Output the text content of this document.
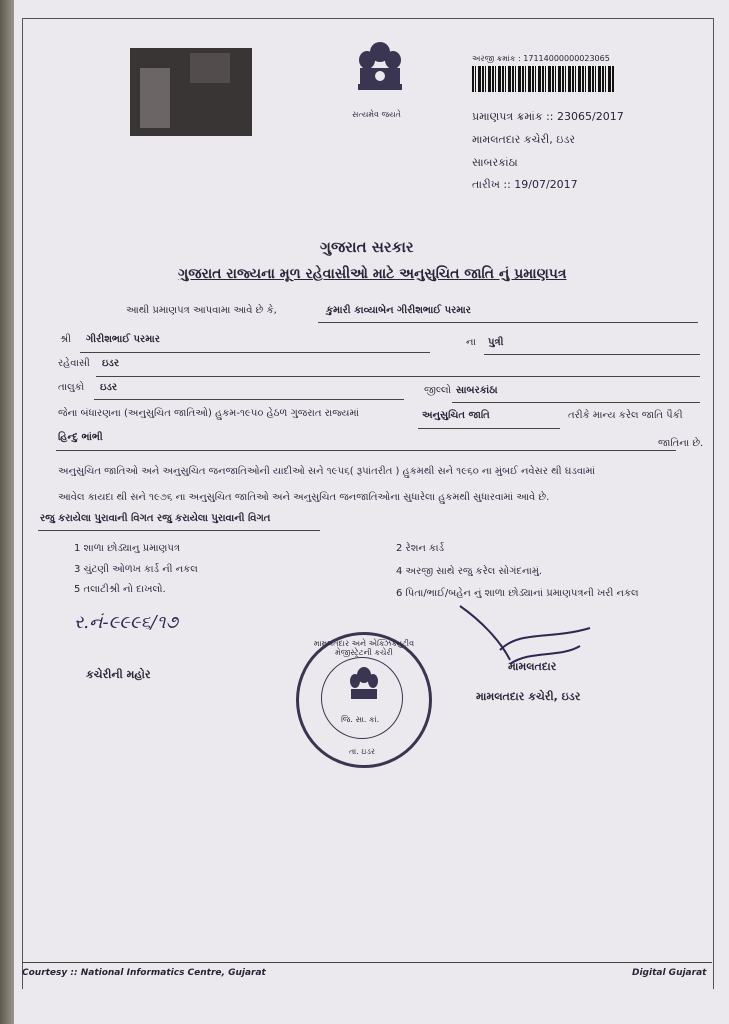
સત્યમેવ જયતે
અરજી ક્રમાંક : 17114000000023065
પ્રમાણપત્ર ક્રમાંક :: 23065/2017
મામલતદાર કચેરી, ઇડર
સાબરકાંઠા
તારીખ :: 19/07/2017
ગુજરાત સરકાર
ગુજરાત રાજ્યના મૂળ રહેવાસીઓ માટે અનુસુચિત જાતિ નું પ્રમાણપત્ર
આથી પ્રમાણપત્ર આપવામા આવે છે કે,	કુમારી કાવ્યાબેન ગીરીશભાઈ પરમાર
શ્રી ગીરીશભાઈ પરમાર	ના પુત્રી
રહેવાસી ઇડર
તાલુકો ઇડર	જીલ્લો સાબરકાંઠા
જેના બંધારણના (અનુસુચિત જાતિઓ) હુકમ-૧૯૫૦ હેઠળ ગુજરાત રાજ્યમાં	અનુસુચિત જાતિ	તરીકે માન્ય કરેલ જાતિ પૈકી
હિન્દુ ભાંભી
જાતિના છે.
અનુસુચિત જાતિઓ અને અનુસુચિત જનજાતિઓની યાદીઓ સને ૧૯૫૬( રૂપાંતરીત ) હુકમથી સને ૧૯૬૦ ના મુંબઈ નવેસર થી ઘડવામાં
આવેલ કાયદા થી સને ૧૯૭૬ ના અનુસુચિત જાતિઓ અને અનુસુચિત જનજાતિઓના સુધારેલા હુકમથી સુધારવામાં આવે છે.
રજુ કરાયેલા પુરાવાની વિગત રજુ કરાયેલા પુરાવાની વિગત
1 શાળા છોડ્યાનુ પ્રમાણપત્ર	2 રેશન કાર્ડ
3 ચુંટણી ઓળખ કાર્ડ ની નકલ	4 અરજી સાથે રજુ કરેલ સોગંદનામું.
5 તલાટીશ્રી નો દાખલો.	6 પિતા/ભાઈ/બહેન નું શાળા છોડ્યાનાં પ્રમાણપત્રની ખરી નકલ
ર.નં-૯૯૯૬/૧૭
કચેરીની મહોર
મામલતદાર અને એક્ઝિક્યુટીવ મેજીસ્ટ્રેટની કચેરી
જિ. સા. કાં.
તા. ઇડર
મામલતદાર
મામલતદાર કચેરી, ઇડર
Courtesy :: National Informatics Centre, Gujarat	Digital Gujarat
